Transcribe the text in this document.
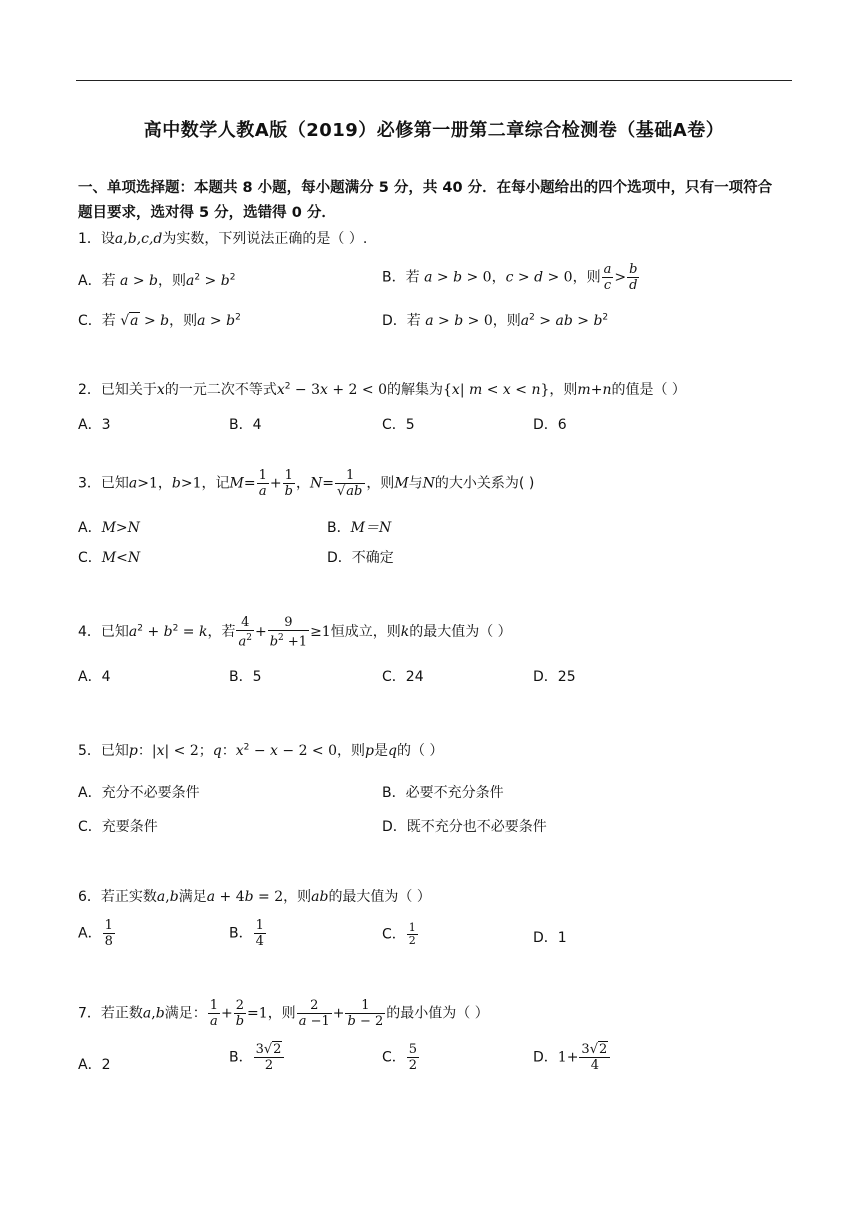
高中数学人教A版（2019）必修第一册第二章综合检测卷（基础A卷）
一、单项选择题：本题共 8 小题，每小题满分 5 分，共 40 分．在每小题给出的四个选项中，只有一项符合
题目要求，选对得 5 分，选错得 0 分．
1．设a,b,c,d为实数，下列说法正确的是（ ）.
A．若 a > b，则$a^2 > b^2$	B．若 a > b > 0，c > d > 0，则 $\frac{a}{c} > \frac{b}{d}$
C．若 √a > b，则$a > b^2$	D．若 a > b > 0，则$a^2$ > ab > $b^2$
2．已知关于x的一元二次不等式$x^2 - 3x + 2 < 0$的解集为{x| m < x < n}，则m+n的值是（ ）
A．3	B．4	C．5	D．6
3．已知a>1，b>1，记$M= \frac{1}{a} + \frac{1}{b}$ ，$N= \frac{1}{√ab}$ ，则M与N的大小关系为( )
A．M>N	B．M＝N
C．M<N	D．不确定
4．已知$a^2 + b^2 = k$，若 $\frac{4}{a^2} + \frac{9}{b^2 +1} \ge 1$恒成立，则k的最大值为（ ）
A．4	B．5	C．24	D．25
5．已知p：|x| < 2；q：$x^2 - x - 2 < 0$，则p是q的（ ）
A．充分不必要条件	B．必要不充分条件
C．充要条件	D．既不充分也不必要条件
6．若正实数a,b满足a + 4b = 2，则ab的最大值为（ ）
A． $\frac{1}{8}$	B． $\frac{1}{4}$	C． $\frac{1}{2}$	D．1
7．若正数a,b满足： $\frac{1}{a} + \frac{2}{b} =1$，则 $\frac{2}{a -1} + \frac{1}{b - 2}$ 的最小值为（ ）
A．2	B． $\frac{3√2}{2}$	C． $\frac{5}{2}$	D．$1+ \frac{3√2}{4}$
